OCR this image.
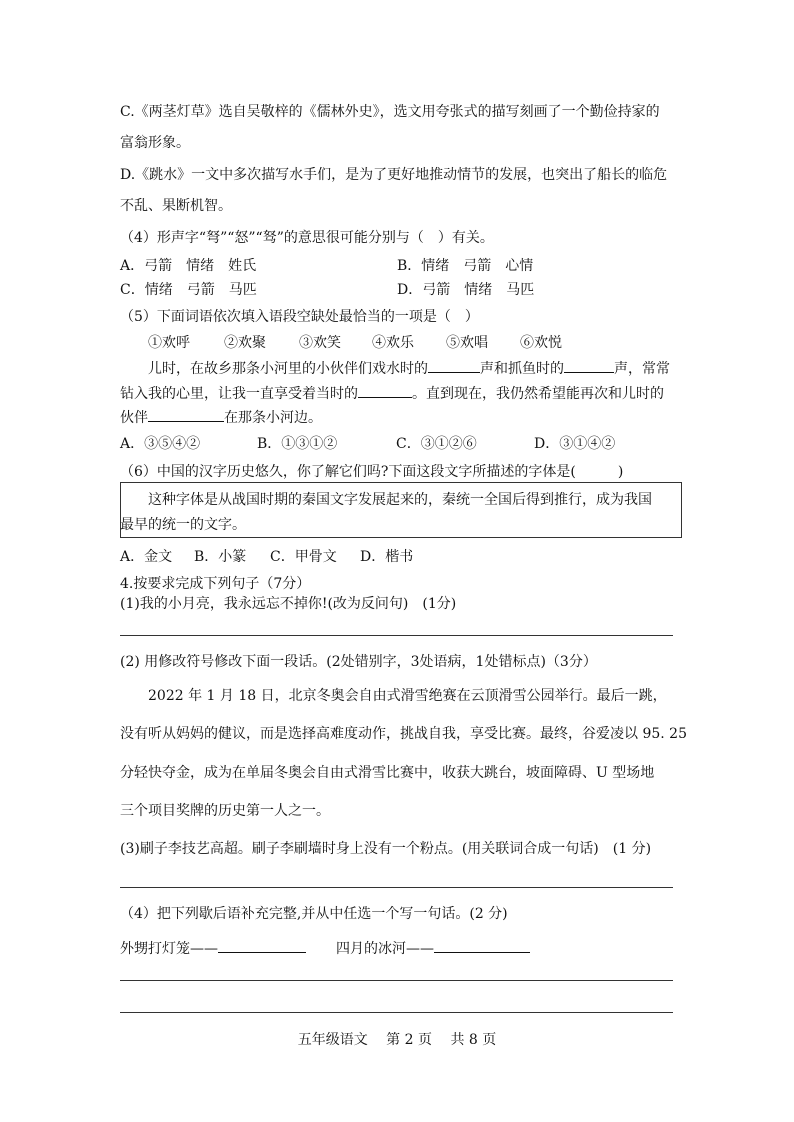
C.《两茎灯草》选自吴敬梓的《儒林外史》，选文用夸张式的描写刻画了一个勤俭持家的
富翁形象。
D.《跳水》一文中多次描写水手们，是为了更好地推动情节的发展，也突出了船长的临危
不乱、果断机智。
（4）形声字“弩”“怒”“驽”的意思很可能分别与（　）有关。
A．弓箭　情绪　姓氏	B．情绪　弓箭　心情
C．情绪　弓箭　马匹	D．弓箭　情绪　马匹
（5）下面词语依次填入语段空缺处最恰当的一项是（　）
①欢呼 ②欢聚 ③欢笑 ④欢乐 ⑤欢唱 ⑥欢悦
儿时，在故乡那条小河里的小伙伴们戏水时的	声和抓鱼时的	声，常常
钻入我的心里，让我一直享受着当时的	。直到现在，我仍然希望能再次和儿时的
伙伴	在那条小河边。
A．③⑤④②	B．①③①②	C．③①②⑥	D．③①④②
（6）中国的汉字历史悠久，你了解它们吗?下面这段文字所描述的字体是(　　　)
这种字体是从战国时期的秦国文字发展起来的，秦统一全国后得到推行，成为我国
最早的统一的文字。
A．金文 B．小篆 C．甲骨文 D．楷书
4.按要求完成下列句子（7分）
(1)我的小月亮，我永远忘不掉你!(改为反问句)　(1分)
(2) 用修改符号修改下面一段话。(2处错别字，3处语病，1处错标点)（3分）
2022 年 1 月 18 日，北京冬奥会自由式滑雪绝赛在云顶滑雪公园举行。最后一跳，
没有听从妈妈的健议，而是选择高难度动作，挑战自我，享受比赛。最终，谷爱凌以 95. 25
分轻快夺金，成为在单届冬奥会自由式滑雪比赛中，收获大跳台，坡面障碍、U 型场地
三个项目奖牌的历史第一人之一。
(3)刷子李技艺高超。刷子李刷墙时身上没有一个粉点。(用关联词合成一句话)　(1 分)
（4）把下列歇后语补充完整,并从中任选一个写一句话。(2 分)
外甥打灯笼——	四月的冰河——
五年级语文　 第 2 页　 共 8 页
